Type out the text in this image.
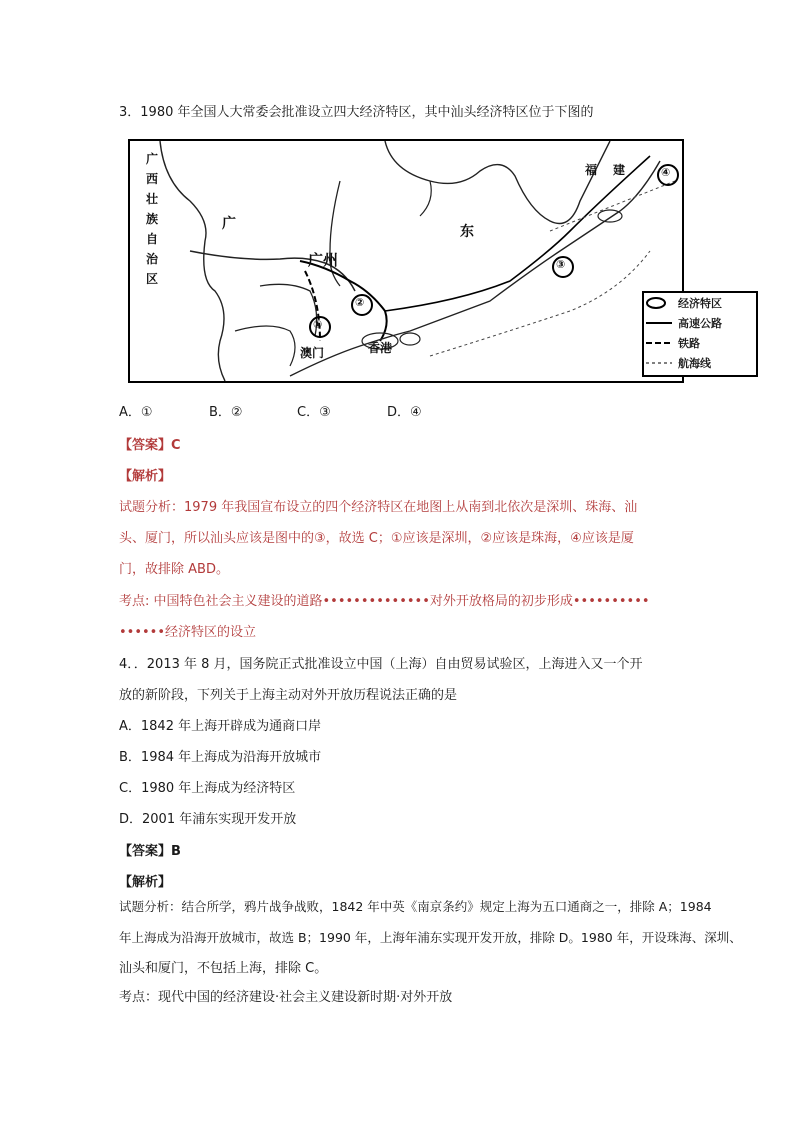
3．1980 年全国人大常委会批准设立四大经济特区，其中汕头经济特区位于下图的
广
西
壮
族
自
治
区
广	东
福建
广州
澳门	香港
①
②
③
④
经济特区
高速公路
铁路
航海线
A．①	B．②	C．③	D．④
【答案】C
【解析】
试题分析：1979 年我国宣布设立的四个经济特区在地图上从南到北依次是深圳、珠海、汕
头、厦门，所以汕头应该是图中的③，故选 C；①应该是深圳，②应该是珠海，④应该是厦
门，故排除 ABD。
考点: 中国特色社会主义建设的道路••••••••••••••对外开放格局的初步形成••••••••••
••••••经济特区的设立
4．．2013 年 8 月，国务院正式批准设立中国（上海）自由贸易试验区，上海进入又一个开
放的新阶段，下列关于上海主动对外开放历程说法正确的是
A．1842 年上海开辟成为通商口岸
B．1984 年上海成为沿海开放城市
C．1980 年上海成为经济特区
D．2001 年浦东实现开发开放
【答案】B
【解析】
试题分析：结合所学，鸦片战争战败，1842 年中英《南京条约》规定上海为五口通商之一，排除 A；1984
年上海成为沿海开放城市，故选 B；1990 年，上海年浦东实现开发开放，排除 D。1980 年，开设珠海、深圳、
汕头和厦门，不包括上海，排除 C。
考点：现代中国的经济建设·社会主义建设新时期·对外开放
